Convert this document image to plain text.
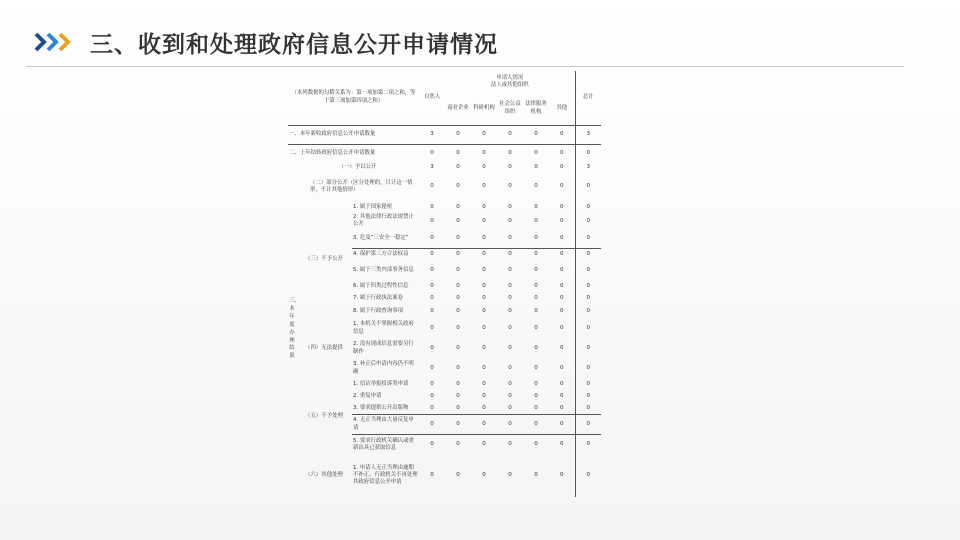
三、收到和处理政府信息公开申请情况
（本列数据的勾稽关系为：第一项加第二项之和，等于第三项加第四项之和）			自然人	申请人情况
法人或其他组织					总计
				商业企业	科研机构	社会公益组织	法律服务机构	其他	
一、本年新收政府信息公开申请数量			3	0	0	0	0	0	3
二、上年结转政府信息公开申请数量			0	0	0	0	0	0	0
三、本年度办理结果	（一）予以公开		3	0	0	0	0	0	3
	（二）部分公开（区分处理的，只计这一情形，不计其他情形）		0	0	0	0	0	0	0
	（三）不予公开	1. 属于国家秘密	0	0	0	0	0	0	0
		2. 其他法律行政法规禁止公开	0	0	0	0	0	0	0
		3. 危及“三安全一稳定”	0	0	0	0	0	0	0
		4. 保护第三方合法权益	0	0	0	0	0	0	0
		5. 属于三类内部事务信息	0	0	0	0	0	0	0
		6. 属于四类过程性信息	0	0	0	0	0	0	0
		7. 属于行政执法案卷	0	0	0	0	0	0	0
		8. 属于行政查询事项	0	0	0	0	0	0	0
	（四）无法提供	1. 本机关不掌握相关政府信息	0	0	0	0	0	0	0
		2. 没有现成信息需要另行制作	0	0	0	0	0	0	0
		3. 补正后申请内容仍不明确	0	0	0	0	0	0	0
	（五）不予处理	1. 信访举报投诉类申请	0	0	0	0	0	0	0
		2. 重复申请	0	0	0	0	0	0	0
		3. 要求提供公开出版物	0	0	0	0	0	0	0
		4. 无正当理由大量反复申请	0	0	0	0	0	0	0
		5. 要求行政机关确认或重新出具已获取信息	0	0	0	0	0	0	0
	（六）其他处理	1. 申请人无正当理由逾期不补正、行政机关不再处理其政府信息公开申请	0	0	0	0	0	0	0
